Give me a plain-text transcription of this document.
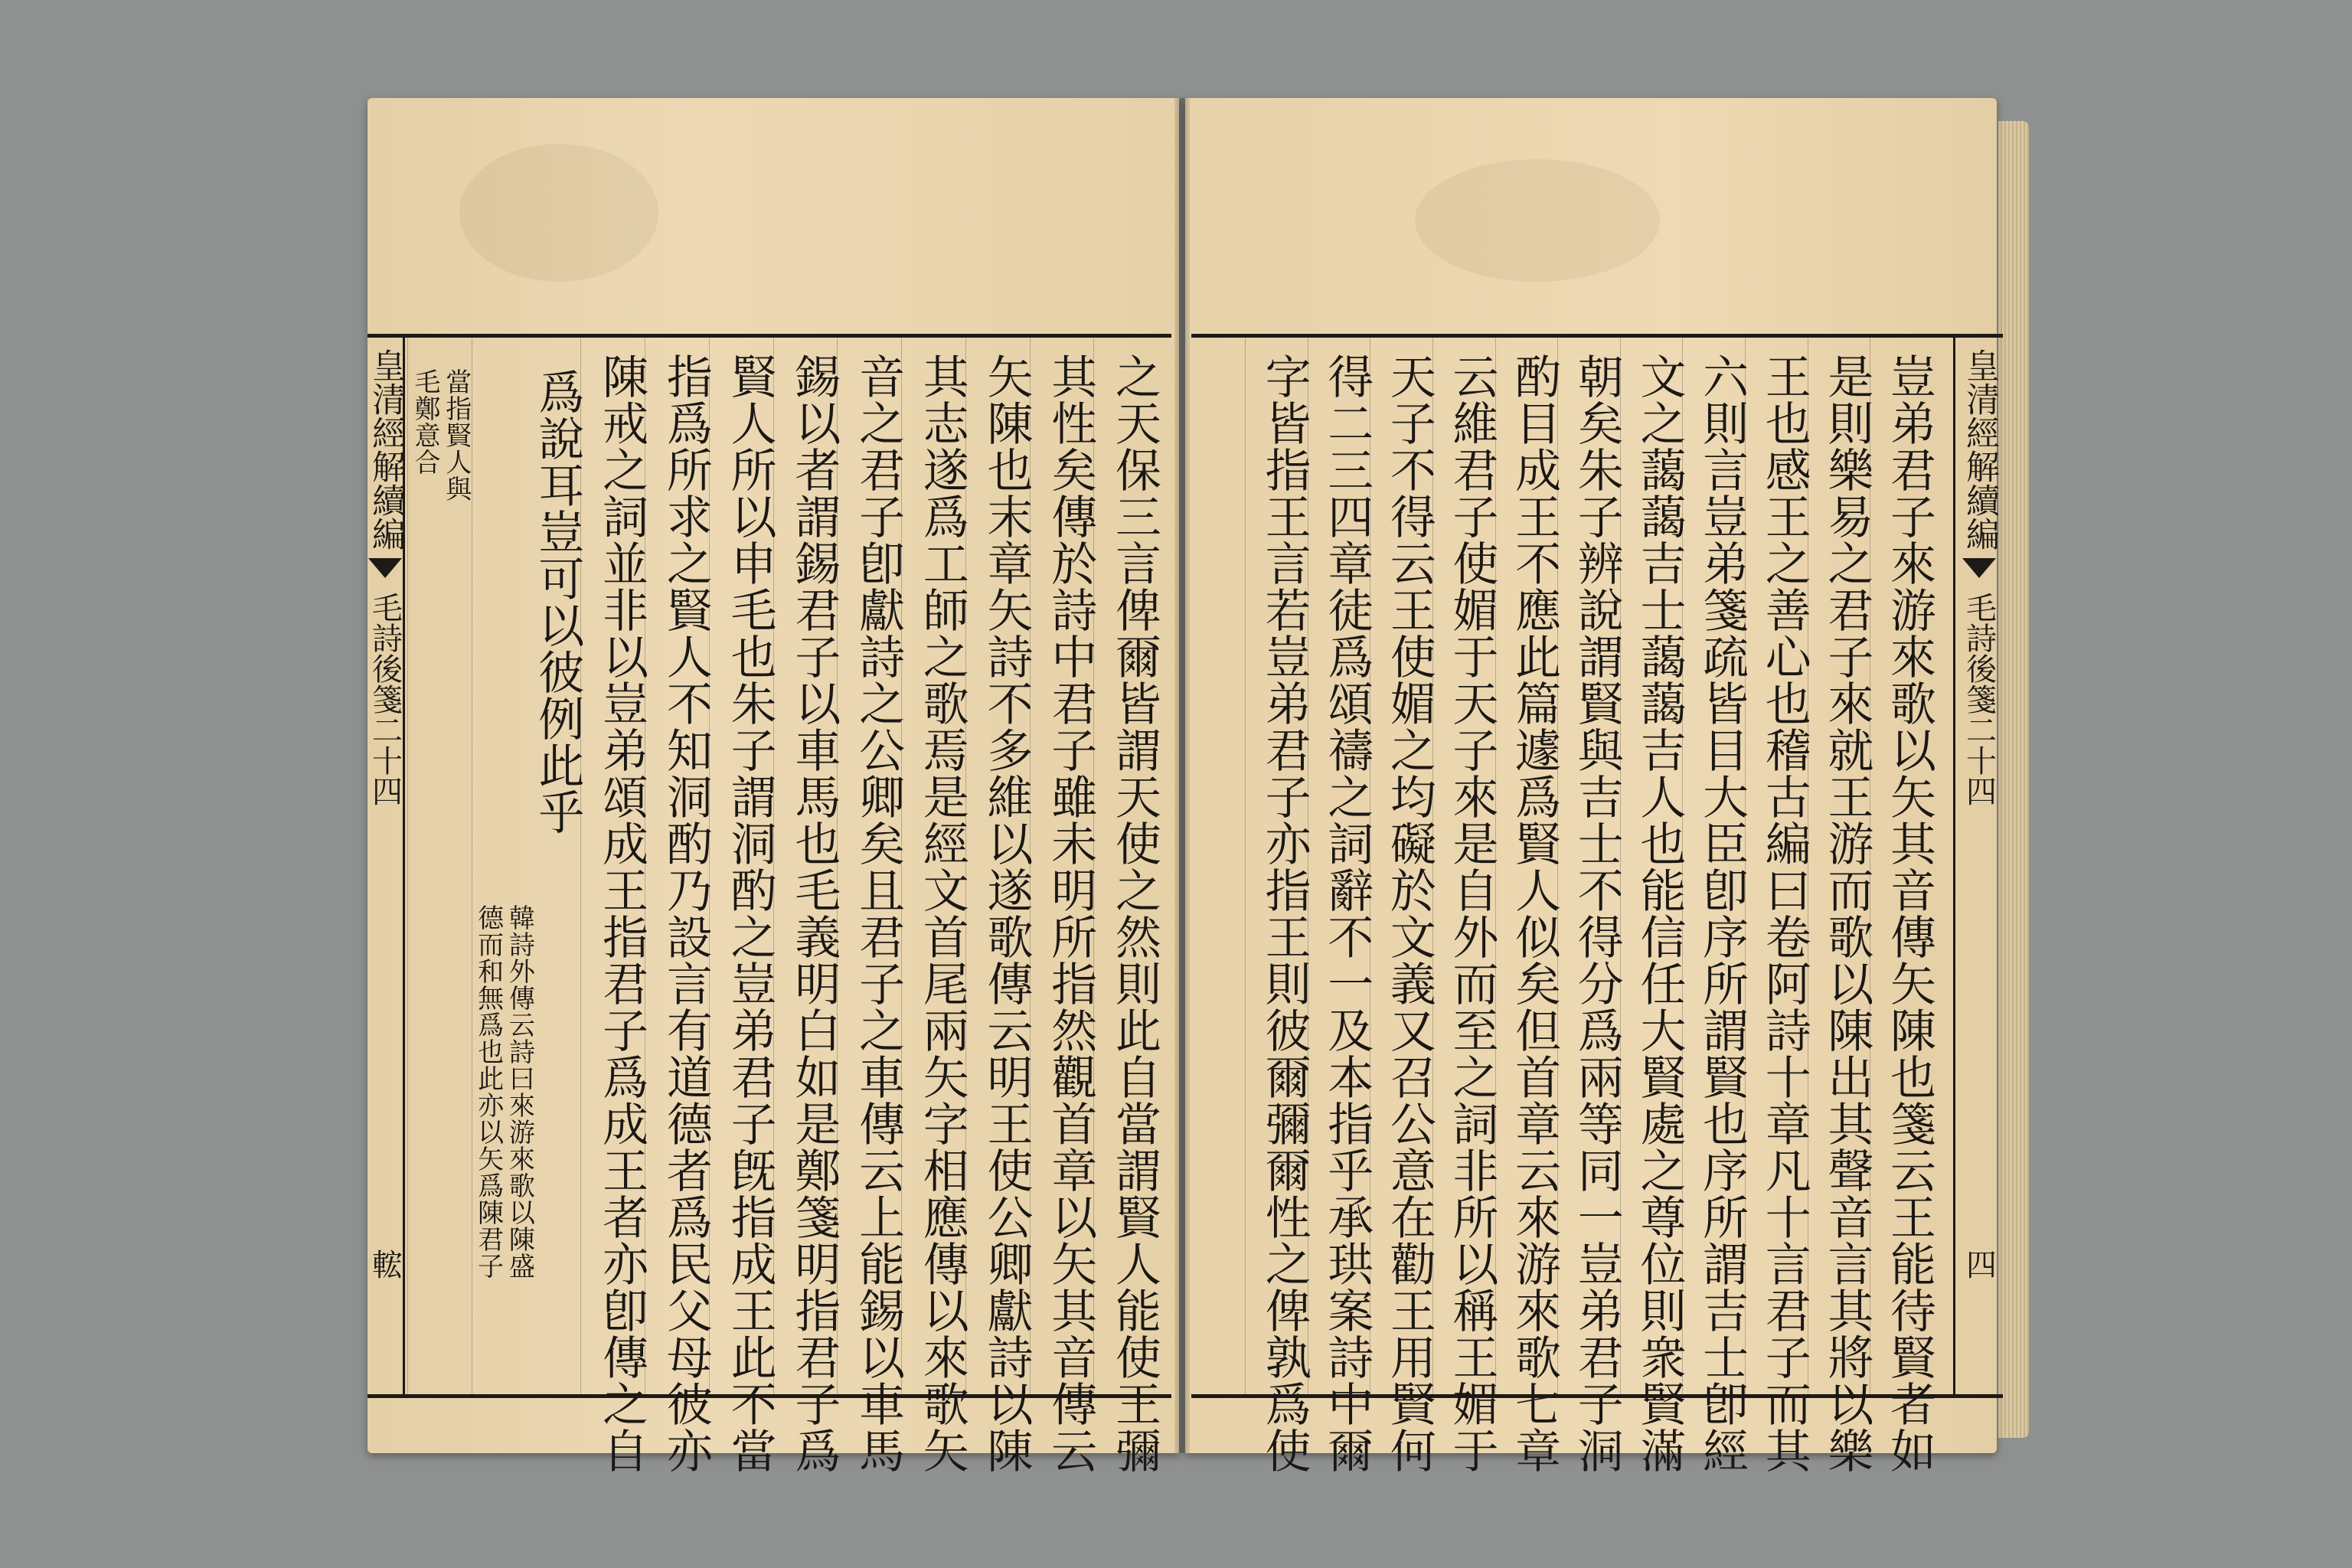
皇清經解續編
毛詩後箋二十四
𨌆	之天保三言俾爾皆謂天使之然則此自當謂賢人能使王彌
其性矣傳於詩中君子雖未明所指然觀首章以矢其音傳云
矢陳也末章矢詩不多維以遂歌傳云明王使公卿獻詩以陳
其志遂爲工師之歌焉是經文首尾兩矢字相應傳以來歌矢
音之君子卽獻詩之公卿矣且君子之車傳云上能錫以車馬
錫以者謂錫君子以車馬也毛義明白如是鄭箋明指君子爲
賢人所以申毛也朱子謂洞酌之豈弟君子旣指成王此不當
指爲所求之賢人不知洞酌乃設言有道德者爲民父母彼亦
陳戒之詞並非以豈弟頌成王指君子爲成王者亦卽傳之自
爲說耳豈可以彼例此乎
韓詩外傳云詩曰來游來歌以陳盛
德而和無爲也此亦以矢爲陳君子
當指賢人與
毛鄭意合	豈弟君子來游來歌以矢其音傳矢陳也箋云王能待賢者如
是則樂易之君子來就王游而歌以陳出其聲音言其將以樂
王也感王之善心也稽古編曰卷阿詩十章凡十言君子而其
六則言豈弟箋疏皆目大臣卽序所謂賢也序所謂吉士卽經
文之藹藹吉士藹藹吉人也能信任大賢處之尊位則衆賢滿
朝矣朱子辨說謂賢與吉士不得分爲兩等同一豈弟君子洞
酌目成王不應此篇遽爲賢人似矣但首章云來游來歌七章
云維君子使媚于天子來是自外而至之詞非所以稱王媚于
天子不得云王使媚之均礙於文義又召公意在勸王用賢何
得二三四章徒爲頌禱之詞辭不一及本指乎承珙案詩中爾
字皆指王言若豈弟君子亦指王則彼爾彌爾性之俾孰爲使	皇清經解續編
毛詩後箋二十四
四
